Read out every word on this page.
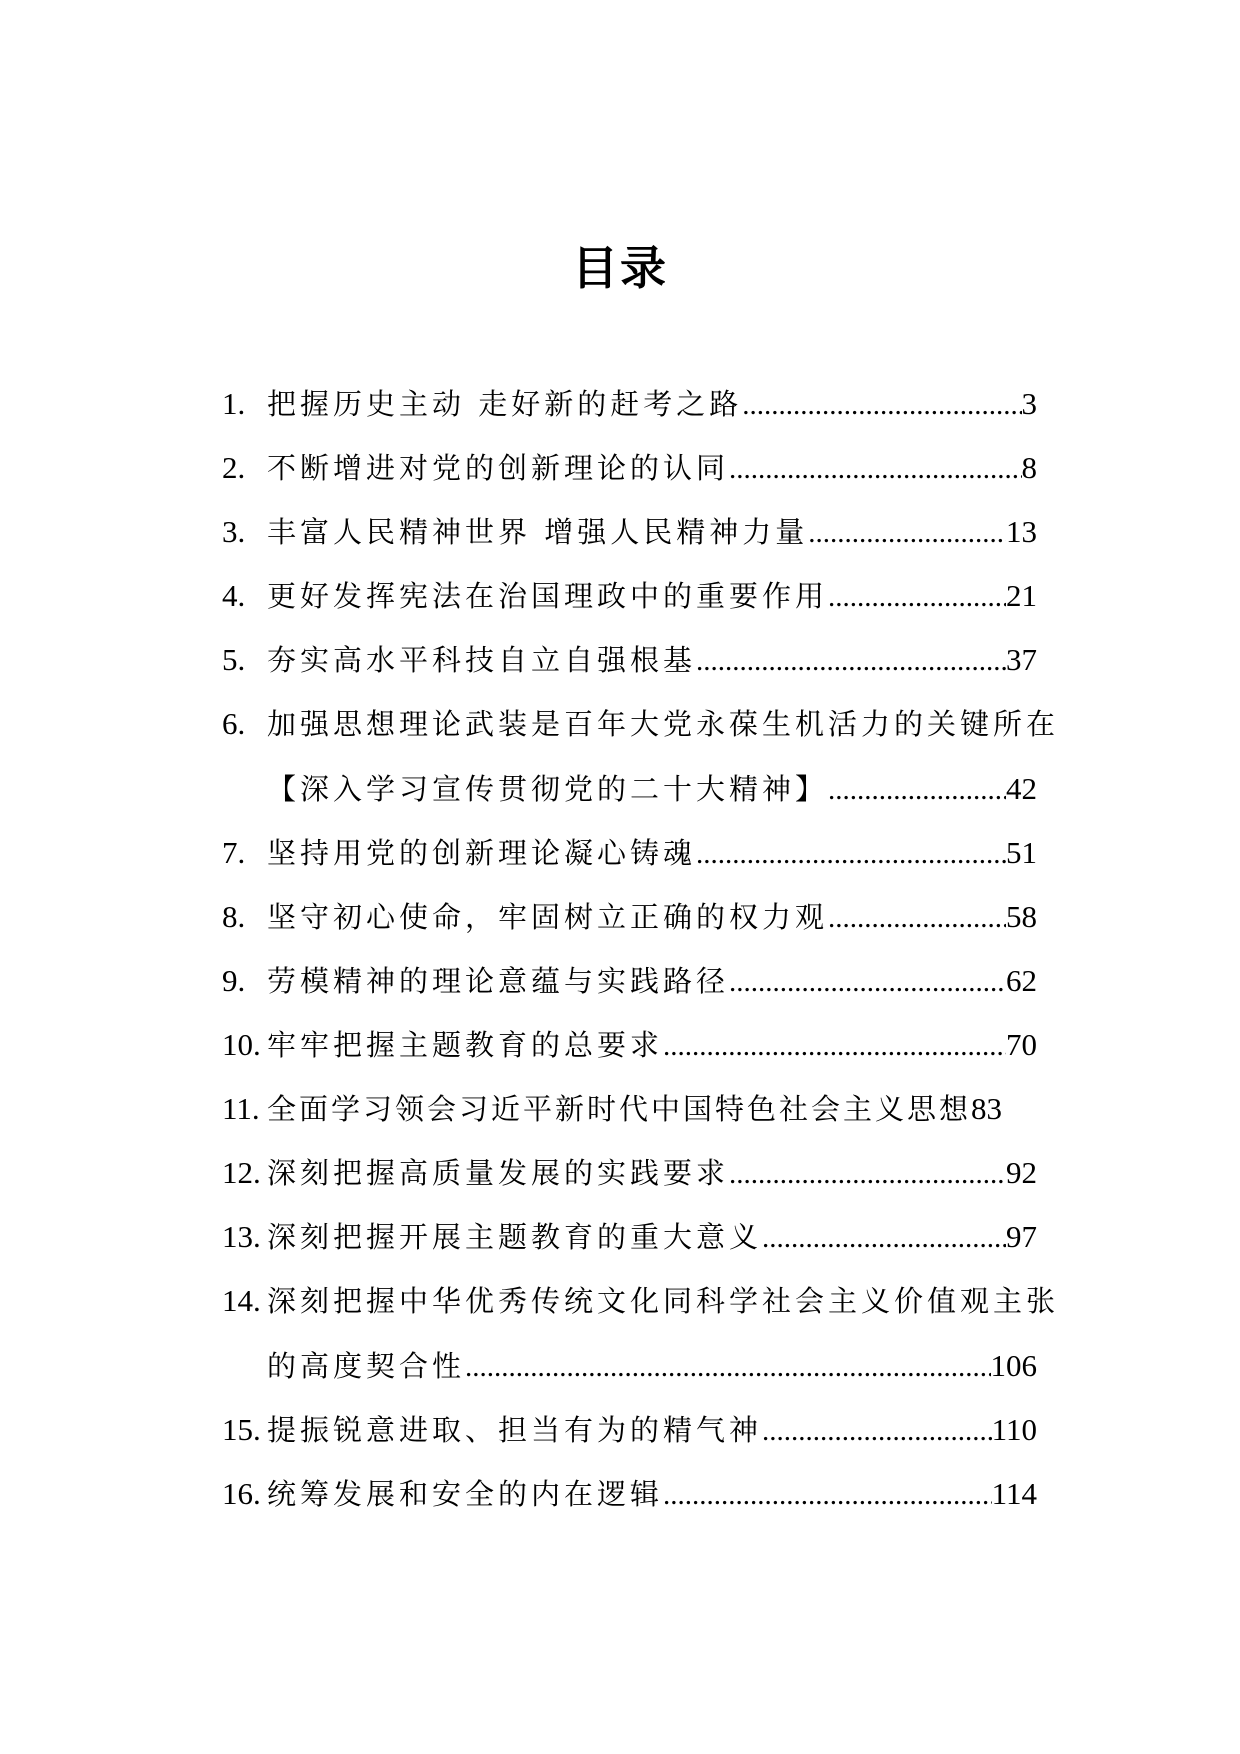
目录
1. 把握历史主动 走好新的赶考之路 .....	3
2. 不断增进对党的创新理论的认同 .....	8
3. 丰富人民精神世界 增强人民精神力量 .....	13
4. 更好发挥宪法在治国理政中的重要作用 .....	21
5. 夯实高水平科技自立自强根基 .....	37
6. 加强思想理论武装是百年大党永葆生机活力的关键所在
【深入学习宣传贯彻党的二十大精神】 .....	42
7. 坚持用党的创新理论凝心铸魂 .....	51
8. 坚守初心使命，牢固树立正确的权力观 .....	58
9. 劳模精神的理论意蕴与实践路径 .....	62
10. 牢牢把握主题教育的总要求 .....	70
11. 全面学习领会习近平新时代中国特色社会主义思想 83
12. 深刻把握高质量发展的实践要求 .....	92
13. 深刻把握开展主题教育的重大意义 .....	97
14. 深刻把握中华优秀传统文化同科学社会主义价值观主张
的高度契合性 .....	106
15. 提振锐意进取、担当有为的精气神 .....	110
16. 统筹发展和安全的内在逻辑 .....	114
